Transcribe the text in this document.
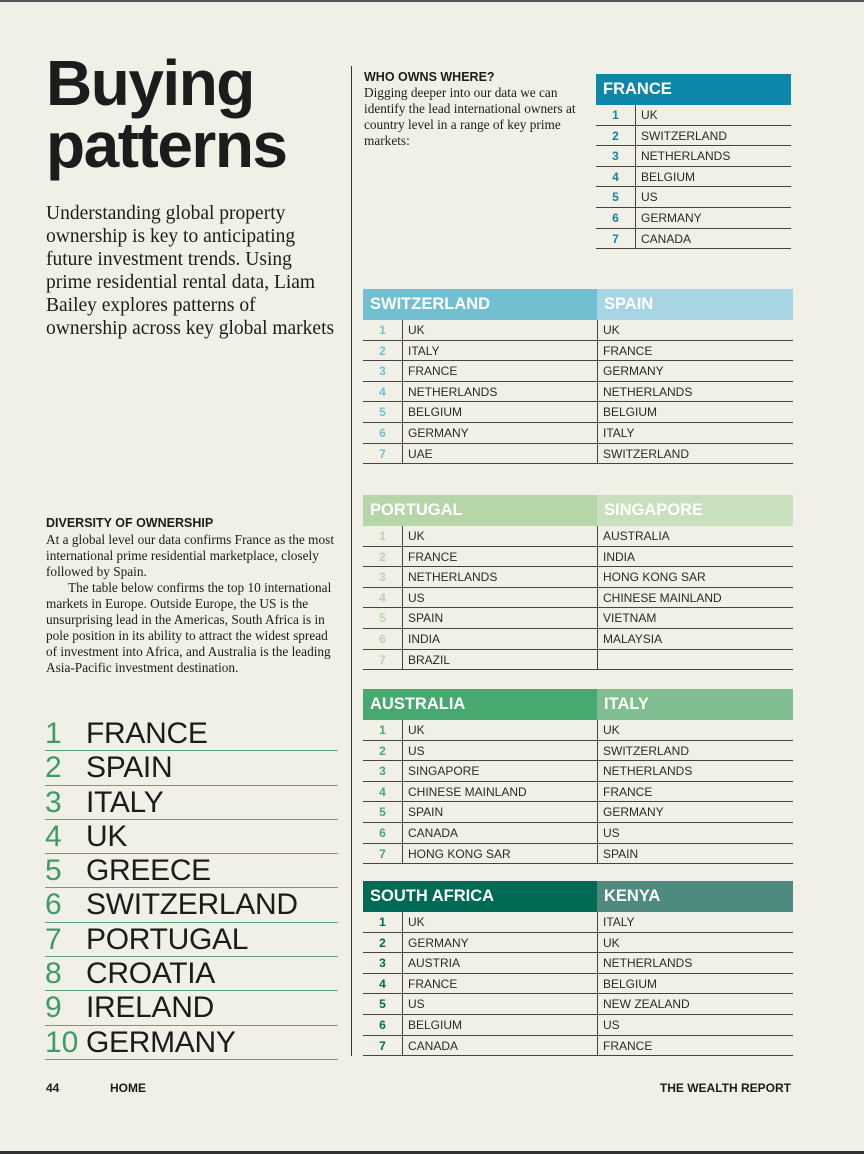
Buying
patterns

Understanding global property ownership is key to anticipating future investment trends. Using prime residential rental data, Liam Bailey explores patterns of ownership across key global markets

DIVERSITY OF OWNERSHIP

At a global level our data confirms France as the most international prime residential marketplace, closely followed by Spain.

The table below confirms the top 10 international markets in Europe. Outside Europe, the US is the unsurprising lead in the Americas, South Africa is in pole position in its ability to attract the widest spread of investment into Africa, and Australia is the leading Asia-Pacific investment destination.

1 FRANCE
2 SPAIN
3 ITALY
4 UK
5 GREECE
6 SWITZERLAND
7 PORTUGAL
8 CROATIA
9 IRELAND
10 GERMANY

WHO OWNS WHERE?

Digging deeper into our data we can identify the lead international owners at country level in a range of key prime markets:

FRANCE
1	UK
2	SWITZERLAND
3	NETHERLANDS
4	BELGIUM
5	US
6	GERMANY
7	CANADA
SWITZERLAND	SPAIN
1	UK	UK
2	ITALY	FRANCE
3	FRANCE	GERMANY
4	NETHERLANDS	NETHERLANDS
5	BELGIUM	BELGIUM
6	GERMANY	ITALY
7	UAE	SWITZERLAND
PORTUGAL	SINGAPORE
1	UK	AUSTRALIA
2	FRANCE	INDIA
3	NETHERLANDS	HONG KONG SAR
4	US	CHINESE MAINLAND
5	SPAIN	VIETNAM
6	INDIA	MALAYSIA
7	BRAZIL
AUSTRALIA	ITALY
1	UK	UK
2	US	SWITZERLAND
3	SINGAPORE	NETHERLANDS
4	CHINESE MAINLAND	FRANCE
5	SPAIN	GERMANY
6	CANADA	US
7	HONG KONG SAR	SPAIN
SOUTH AFRICA	KENYA
1	UK	ITALY
2	GERMANY	UK
3	AUSTRIA	NETHERLANDS
4	FRANCE	BELGIUM
5	US	NEW ZEALAND
6	BELGIUM	US
7	CANADA	FRANCE
44	HOME	THE WEALTH REPORT
